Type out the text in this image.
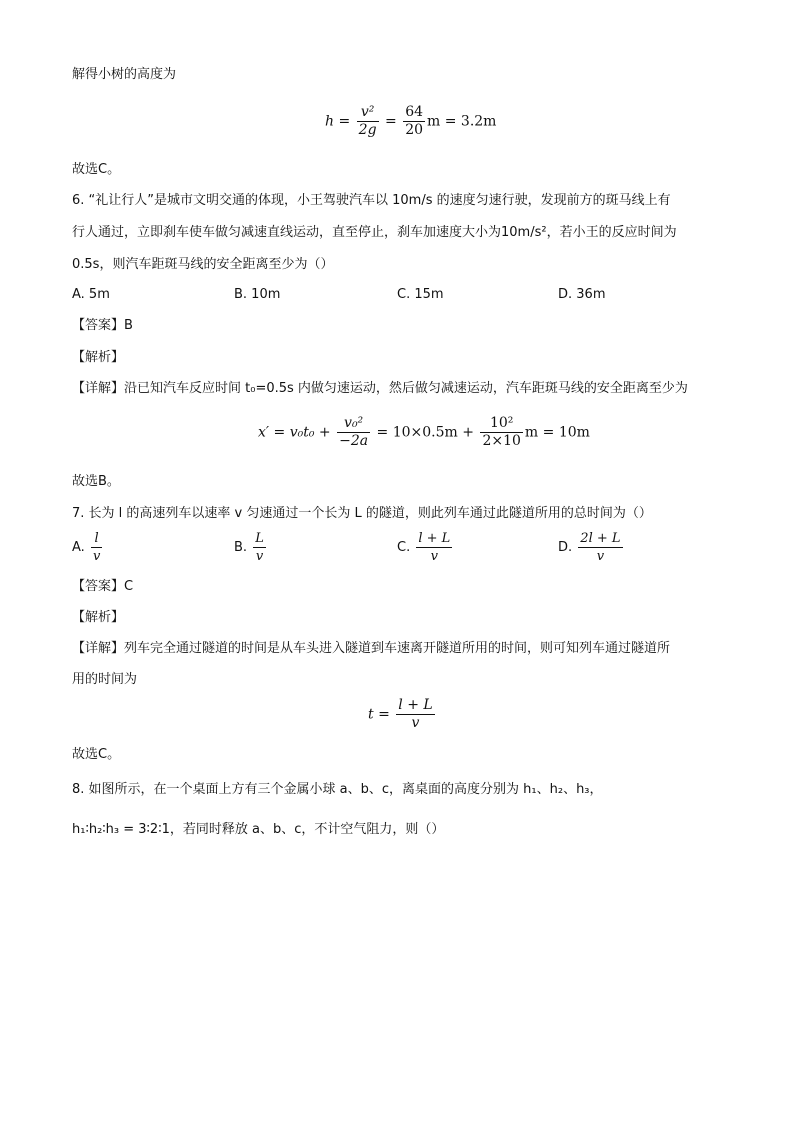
解得小树的高度为
$h = \frac{\text{v²}}{2g} = \frac{64}{20}$ m = 3.2m
故选C。
6. “礼让行人”是城市文明交通的体现，小王驾驶汽车以 10m/s 的速度匀速行驶，发现前方的斑马线上有
行人通过，立即刹车使车做匀减速直线运动，直至停止，刹车加速度大小为10m/s²，若小王的反应时间为
0.5s，则汽车距斑马线的安全距离至少为（）
A. 5m	B. 10m	C. 15m	D. 36m
【答案】B
【解析】
【详解】沿已知汽车反应时间 t₀=0.5s 内做匀速运动，然后做匀减速运动，汽车距斑马线的安全距离至少为
$x' = v_0t_0 + \frac{\text{v₀²}}{-2a} = 10\times 0.5m + \frac{\text{10²}}{2\times 10}$ m = 10m
故选B。
7. 长为 l 的高速列车以速率 v 匀速通过一个长为 L 的隧道，则此列车通过此隧道所用的总时间为（）
A. $\frac{l}{v}$	B. $\frac{L}{v}$	C. $\frac{l + L}{v}$	D. $\frac{2l + L}{v}$
【答案】C
【解析】
【详解】列车完全通过隧道的时间是从车头进入隧道到车速离开隧道所用的时间，则可知列车通过隧道所
用的时间为
$t = \frac{l + L}{v}$
故选C。
8. 如图所示，在一个桌面上方有三个金属小球 a、b、c，离桌面的高度分别为 h₁、h₂、h₃，
h₁∶h₂∶h₃ = 3∶2∶1，若同时释放 a、b、c，不计空气阻力，则（）
